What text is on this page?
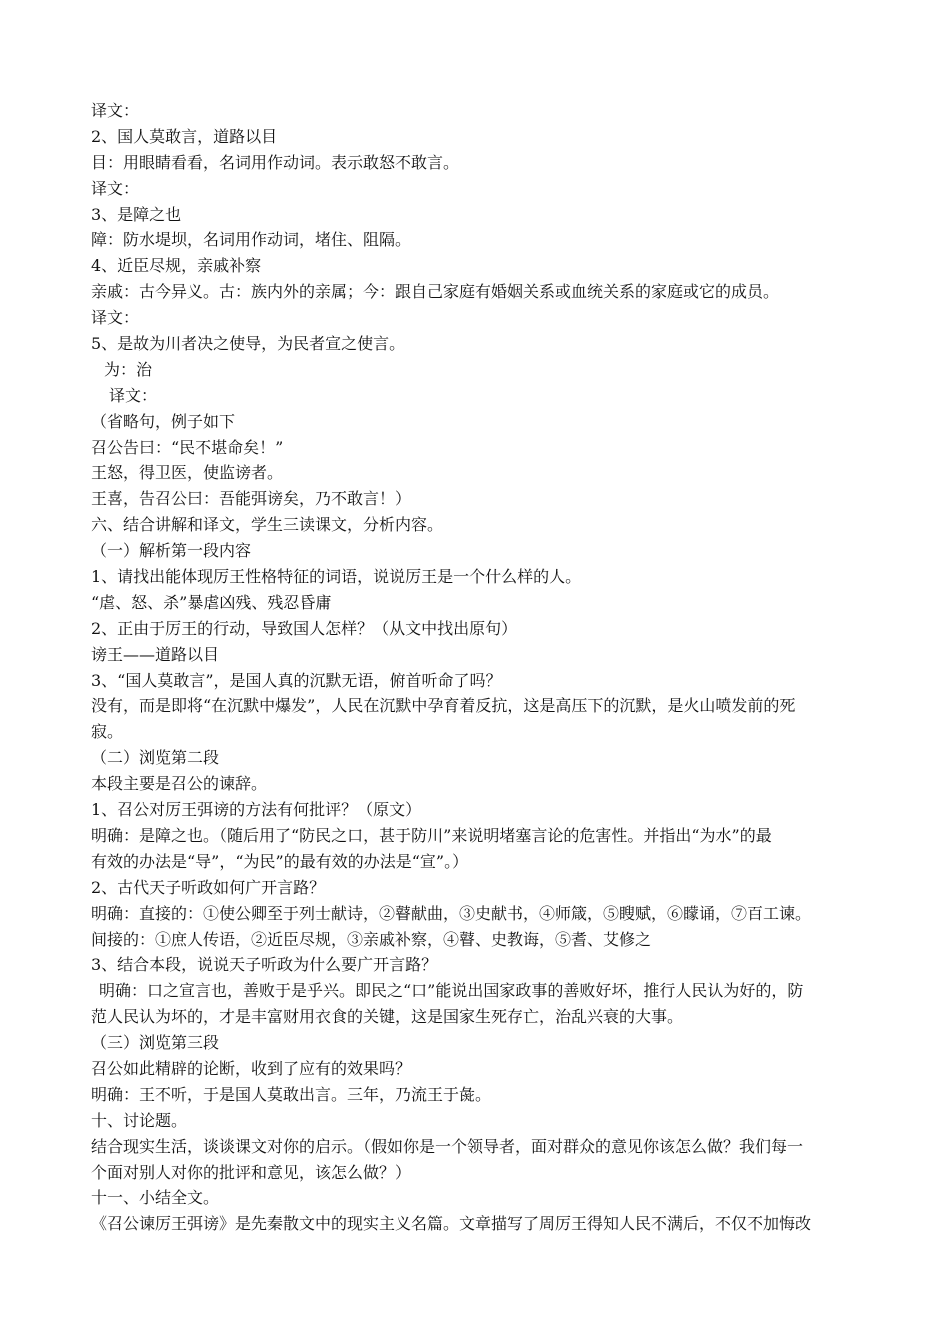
译文：
2、国人莫敢言，道路以目
目：用眼睛看看，名词用作动词。表示敢怒不敢言。
译文：
3、是障之也
障：防水堤坝，名词用作动词，堵住、阻隔。
4、近臣尽规，亲戚补察
亲戚：古今异义。古：族内外的亲属；今：跟自己家庭有婚姻关系或血统关系的家庭或它的成员。
译文：
5、是故为川者决之使导，为民者宣之使言。
为：治
译文：
（省略句，例子如下
召公告曰：“民不堪命矣！”
王怒，得卫医，使监谤者。
王喜，告召公曰：吾能弭谤矣，乃不敢言！）
六、结合讲解和译文，学生三读课文，分析内容。
（一）解析第一段内容
1、请找出能体现厉王性格特征的词语，说说厉王是一个什么样的人。
“虐、怒、杀”暴虐凶残、残忍昏庸
2、正由于厉王的行动，导致国人怎样？（从文中找出原句）
谤王——道路以目
3、“国人莫敢言”，是国人真的沉默无语，俯首听命了吗？
没有，而是即将“在沉默中爆发”，人民在沉默中孕育着反抗，这是高压下的沉默，是火山喷发前的死
寂。
（二）浏览第二段
本段主要是召公的谏辞。
1、召公对厉王弭谤的方法有何批评？（原文）
明确：是障之也。（随后用了“防民之口，甚于防川”来说明堵塞言论的危害性。并指出“为水”的最
有效的办法是“导”，“为民”的最有效的办法是“宣”。）
2、古代天子听政如何广开言路？
明确：直接的：①使公卿至于列士献诗，②瞽献曲，③史献书，④师箴，⑤瞍赋，⑥矇诵，⑦百工谏。
间接的：①庶人传语，②近臣尽规，③亲戚补察，④瞽、史教诲，⑤耆、艾修之
3、结合本段，说说天子听政为什么要广开言路？
明确：口之宣言也，善败于是乎兴。即民之“口”能说出国家政事的善败好坏，推行人民认为好的，防
范人民认为坏的，才是丰富财用衣食的关键，这是国家生死存亡，治乱兴衰的大事。
（三）浏览第三段
召公如此精辟的论断，收到了应有的效果吗？
明确：王不听，于是国人莫敢出言。三年，乃流王于彘。
十、讨论题。
结合现实生活，谈谈课文对你的启示。（假如你是一个领导者，面对群众的意见你该怎么做？我们每一
个面对别人对你的批评和意见，该怎么做？）
十一、小结全文。
《召公谏厉王弭谤》是先秦散文中的现实主义名篇。文章描写了周厉王得知人民不满后，不仅不加悔改
